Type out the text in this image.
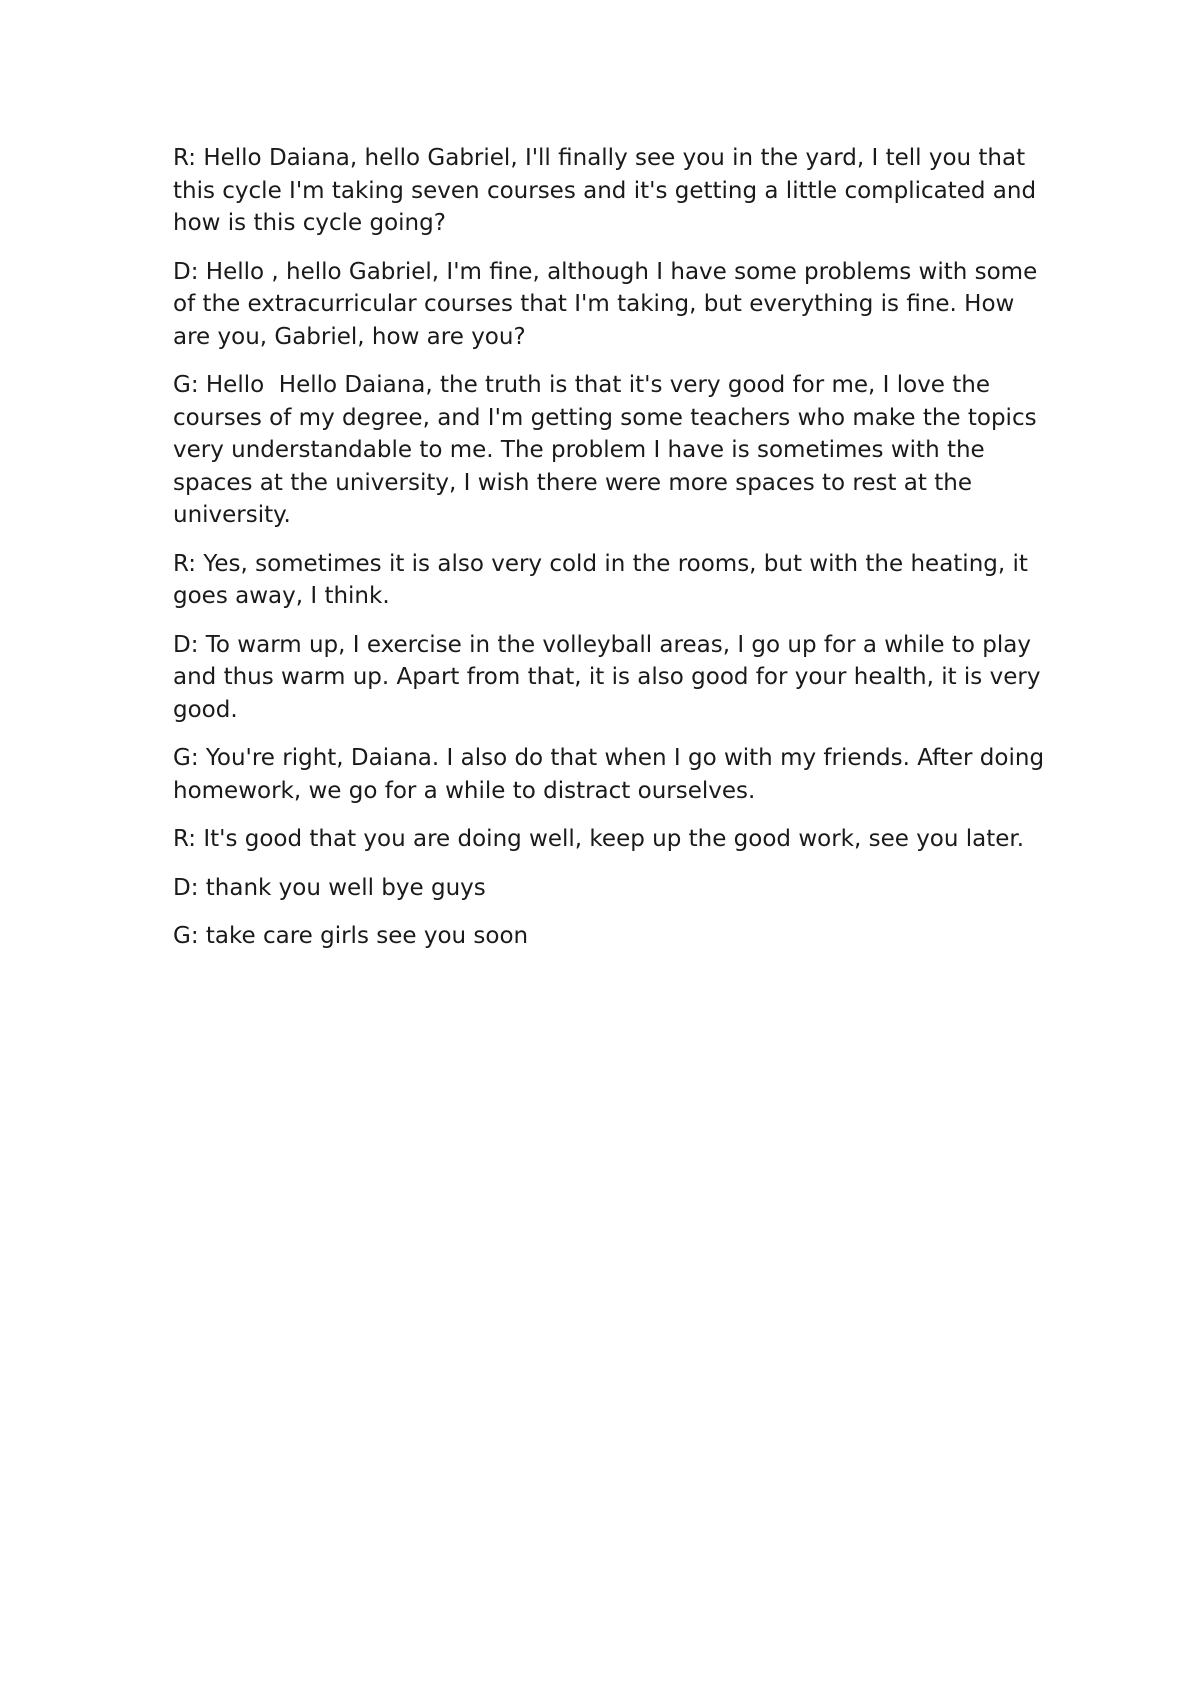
R: Hello Daiana, hello Gabriel, I'll finally see you in the yard, I tell you that this cycle I'm taking seven courses and it's getting a little complicated and how is this cycle going?

D: Hello , hello Gabriel, I'm fine, although I have some problems with some of the extracurricular courses that I'm taking, but everything is fine. How are you, Gabriel, how are you?

G: Hello  Hello Daiana, the truth is that it's very good for me, I love the courses of my degree, and I'm getting some teachers who make the topics very understandable to me. The problem I have is sometimes with the spaces at the university, I wish there were more spaces to rest at the university.

R: Yes, sometimes it is also very cold in the rooms, but with the heating, it goes away, I think.

D: To warm up, I exercise in the volleyball areas, I go up for a while to play and thus warm up. Apart from that, it is also good for your health, it is very good.

G: You're right, Daiana. I also do that when I go with my friends. After doing homework, we go for a while to distract ourselves.

R: It's good that you are doing well, keep up the good work, see you later.

D: thank you well bye guys

G: take care girls see you soon
